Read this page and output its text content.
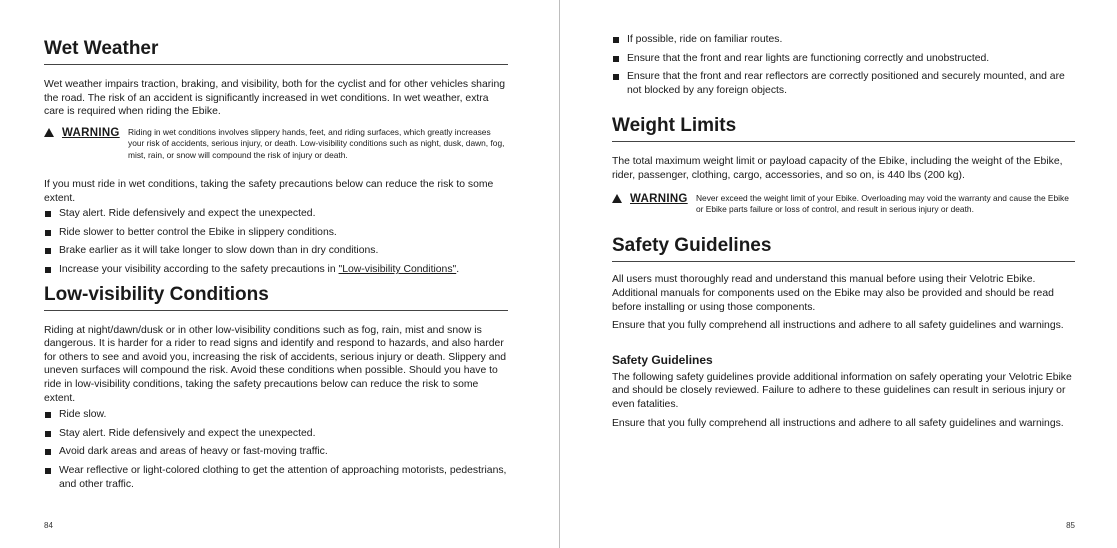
Wet Weather

Wet weather impairs traction, braking, and visibility, both for the cyclist and for other vehicles sharing the road. The risk of an accident is significantly increased in wet conditions. In wet weather, extra care is required when riding the Ebike.

WARNING Riding in wet conditions involves slippery hands, feet, and riding surfaces, which greatly increases your risk of accidents, serious injury, or death. Low-visibility conditions such as night, dusk, dawn, fog, mist, rain, or snow will compound the risk of injury or death.

If you must ride in wet conditions, taking the safety precautions below can reduce the risk to some extent.

Stay alert. Ride defensively and expect the unexpected.
Ride slower to better control the Ebike in slippery conditions.
Brake earlier as it will take longer to slow down than in dry conditions.
Increase your visibility according to the safety precautions in "Low-visibility Conditions".
Low-visibility Conditions

Riding at night/dawn/dusk or in other low-visibility conditions such as fog, rain, mist and snow is dangerous. It is harder for a rider to read signs and identify and respond to hazards, and also harder for others to see and avoid you, increasing the risk of accidents, serious injury or death. Slippery and uneven surfaces will compound the risk. Avoid these conditions when possible. Should you have to ride in low-visibility conditions, taking the safety precautions below can reduce the risk to some extent.

Ride slow.
Stay alert. Ride defensively and expect the unexpected.
Avoid dark areas and areas of heavy or fast-moving traffic.
Wear reflective or light-colored clothing to get the attention of approaching motorists, pedestrians, and other traffic.
84
If possible, ride on familiar routes.
Ensure that the front and rear lights are functioning correctly and unobstructed.
Ensure that the front and rear reflectors are correctly positioned and securely mounted, and are not blocked by any foreign objects.
Weight Limits

The total maximum weight limit or payload capacity of the Ebike, including the weight of the Ebike, rider, passenger, clothing, cargo, accessories, and so on, is 440 lbs (200 kg).

WARNING Never exceed the weight limit of your Ebike. Overloading may void the warranty and cause the Ebike or Ebike parts failure or loss of control, and result in serious injury or death.

Safety Guidelines

All users must thoroughly read and understand this manual before using their Velotric Ebike. Additional manuals for components used on the Ebike may also be provided and should be read before installing or using those components.

Ensure that you fully comprehend all instructions and adhere to all safety guidelines and warnings.

Safety Guidelines

The following safety guidelines provide additional information on safely operating your Velotric Ebike and should be closely reviewed. Failure to adhere to these guidelines can result in serious injury or even fatalities.

Ensure that you fully comprehend all instructions and adhere to all safety guidelines and warnings.

85
